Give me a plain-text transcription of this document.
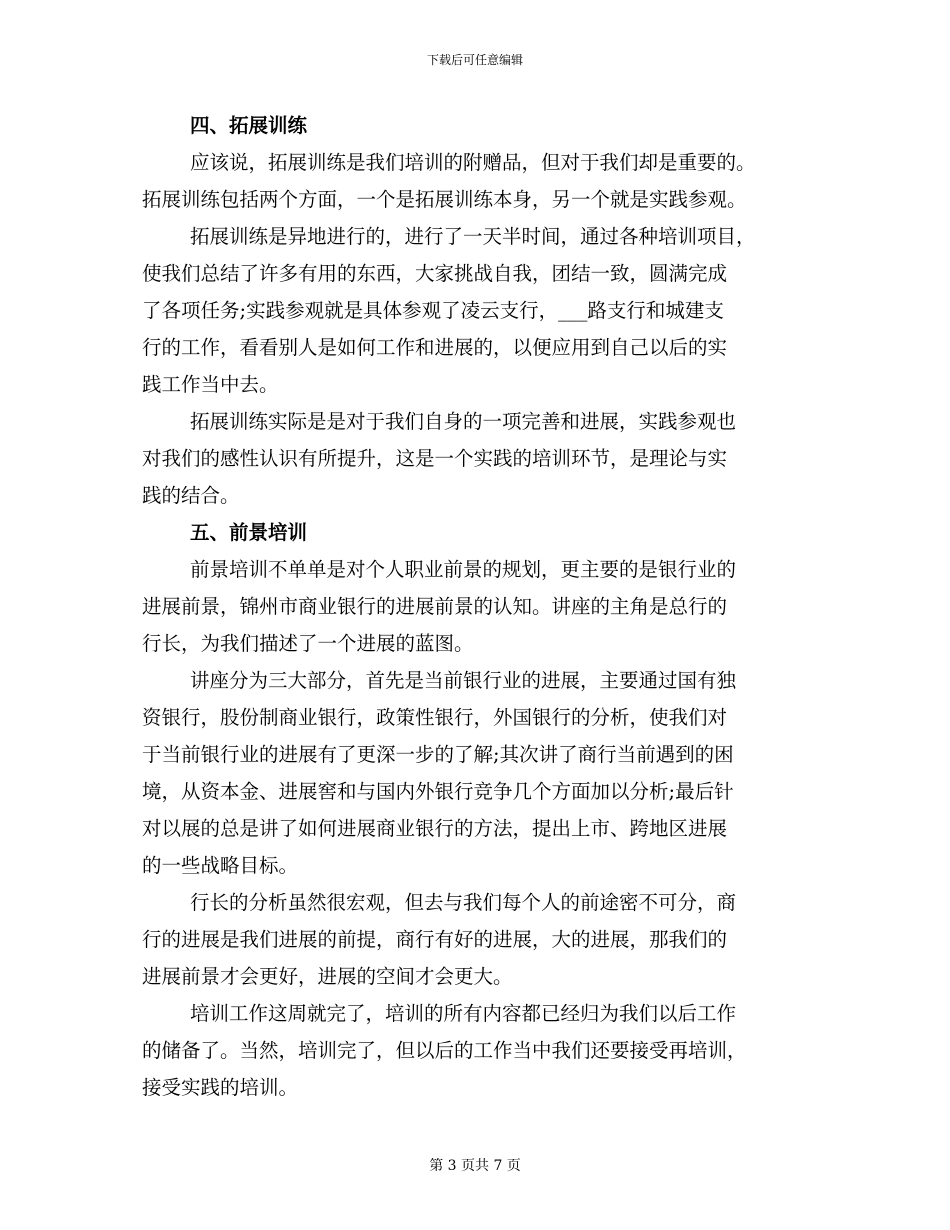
下载后可任意编辑
四、拓展训练
应该说，拓展训练是我们培训的附赠品，但对于我们却是重要的。
拓展训练包括两个方面，一个是拓展训练本身，另一个就是实践参观。
拓展训练是异地进行的，进行了一天半时间，通过各种培训项目，
使我们总结了许多有用的东西，大家挑战自我，团结一致，圆满完成
了各项任务;实践参观就是具体参观了凌云支行，___路支行和城建支
行的工作，看看别人是如何工作和进展的，以便应用到自己以后的实
践工作当中去。
拓展训练实际是是对于我们自身的一项完善和进展，实践参观也
对我们的感性认识有所提升，这是一个实践的培训环节，是理论与实
践的结合。
五、前景培训
前景培训不单单是对个人职业前景的规划，更主要的是银行业的
进展前景，锦州市商业银行的进展前景的认知。讲座的主角是总行的
行长，为我们描述了一个进展的蓝图。
讲座分为三大部分，首先是当前银行业的进展，主要通过国有独
资银行，股份制商业银行，政策性银行，外国银行的分析，使我们对
于当前银行业的进展有了更深一步的了解;其次讲了商行当前遇到的困
境，从资本金、进展窖和与国内外银行竞争几个方面加以分析;最后针
对以展的总是讲了如何进展商业银行的方法，提出上市、跨地区进展
的一些战略目标。
行长的分析虽然很宏观，但去与我们每个人的前途密不可分，商
行的进展是我们进展的前提，商行有好的进展，大的进展，那我们的
进展前景才会更好，进展的空间才会更大。
培训工作这周就完了，培训的所有内容都已经归为我们以后工作
的储备了。当然，培训完了，但以后的工作当中我们还要接受再培训，
接受实践的培训。
第 3 页共 7 页
